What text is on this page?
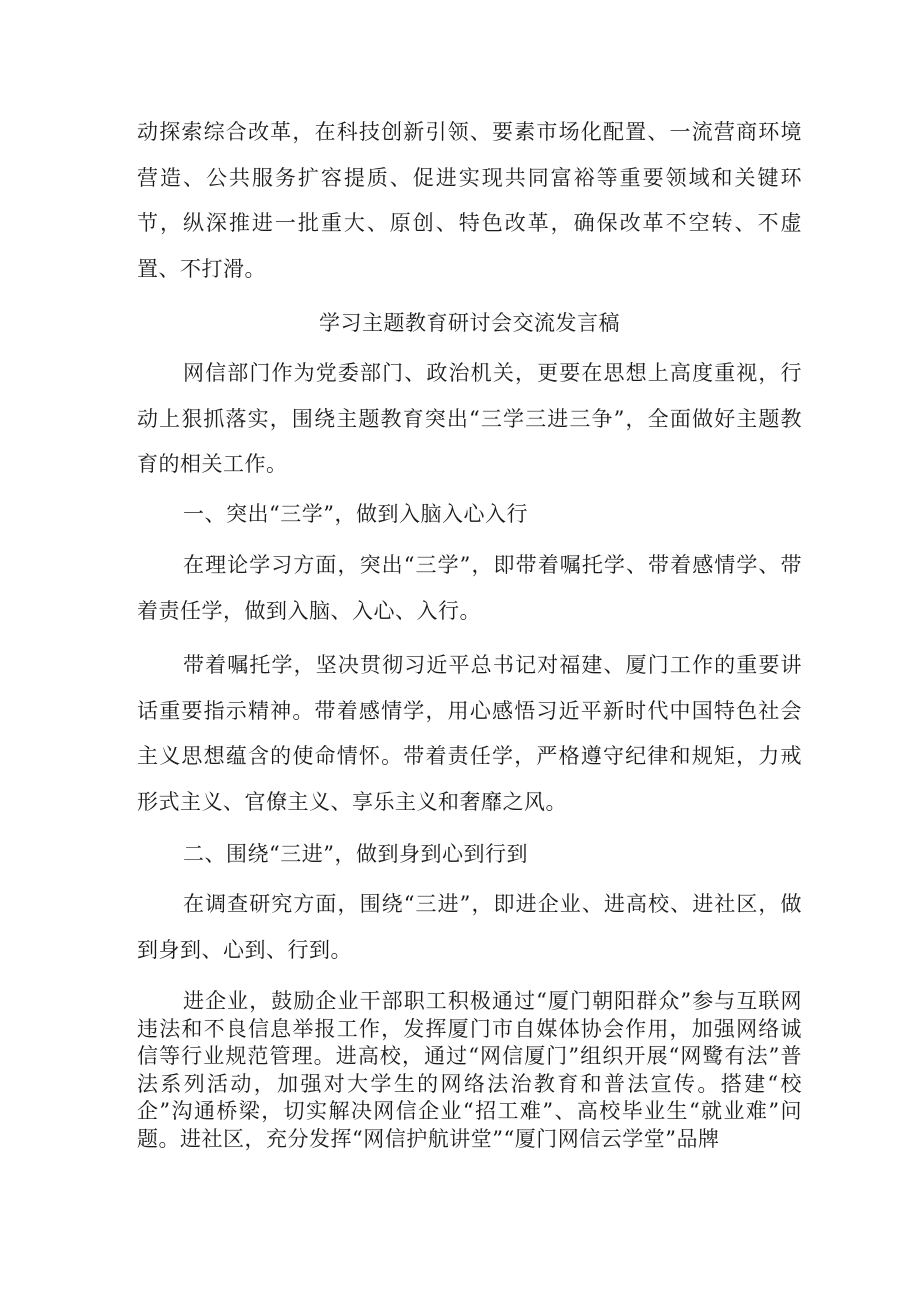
动探索综合改革，在科技创新引领、要素市场化配置、一流营商环境营造、公共服务扩容提质、促进实现共同富裕等重要领域和关键环节，纵深推进一批重大、原创、特色改革，确保改革不空转、不虚置、不打滑。
学习主题教育研讨会交流发言稿
网信部门作为党委部门、政治机关，更要在思想上高度重视，行动上狠抓落实，围绕主题教育突出“三学三进三争”，全面做好主题教育的相关工作。
一、突出“三学”，做到入脑入心入行
在理论学习方面，突出“三学”，即带着嘱托学、带着感情学、带着责任学，做到入脑、入心、入行。
带着嘱托学，坚决贯彻习近平总书记对福建、厦门工作的重要讲话重要指示精神。带着感情学，用心感悟习近平新时代中国特色社会主义思想蕴含的使命情怀。带着责任学，严格遵守纪律和规矩，力戒形式主义、官僚主义、享乐主义和奢靡之风。
二、围绕“三进”，做到身到心到行到
在调查研究方面，围绕“三进”，即进企业、进高校、进社区，做到身到、心到、行到。
进企业，鼓励企业干部职工积极通过“厦门朝阳群众”参与互联网违法和不良信息举报工作，发挥厦门市自媒体协会作用，加强网络诚信等行业规范管理。进高校，通过“网信厦门”组织开展“网鹭有法”普法系列活动，加强对大学生的网络法治教育和普法宣传。搭建“校企”沟通桥梁，切实解决网信企业“招工难”、高校毕业生“就业难”问题。进社区，充分发挥“网信护航讲堂”“厦门网信云学堂”品牌
